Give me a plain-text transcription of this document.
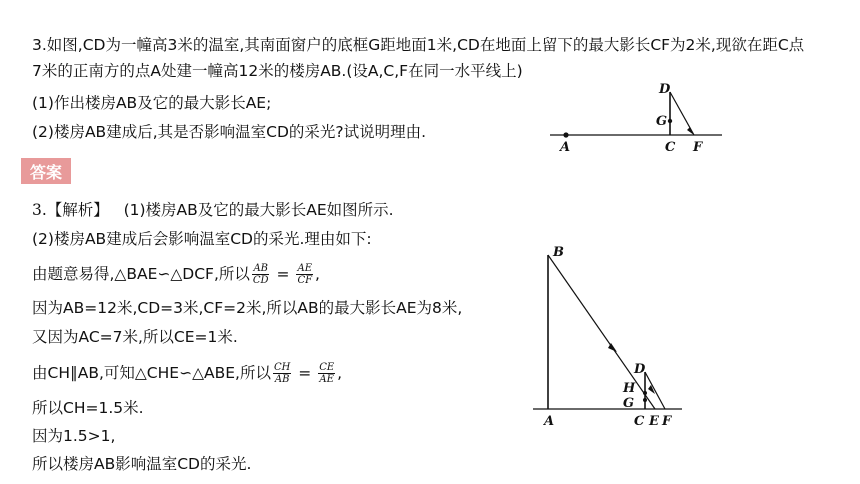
3.如图,CD为一幢高3米的温室,其南面窗户的底框G距地面1米,CD在地面上留下的最大影长CF为2米,现欲在距C点
7米的正南方的点A处建一幢高12米的楼房AB.(设A,C,F在同一水平线上)
(1)作出楼房AB及它的最大影长AE;
(2)楼房AB建成后,其是否影响温室CD的采光?试说明理由.
答案
3.【解析】 (1)楼房AB及它的最大影长AE如图所示.
(2)楼房AB建成后会影响温室CD的采光.理由如下:
由题意易得,△BAE∽△DCF,所以 $\frac{AB}{CD} = \frac{AE}{CF}$ ,
因为AB=12米,CD=3米,CF=2米,所以AB的最大影长AE为8米,
又因为AC=7米,所以CE=1米.
由CH∥AB,可知△CHE∽△ABE,所以 $\frac{CH}{AB} = \frac{CE}{AE}$ ,
所以CH=1.5米.
因为1.5>1,
所以楼房AB影响温室CD的采光.
A	C F
D
G
B
A	C E F
D
H
G
